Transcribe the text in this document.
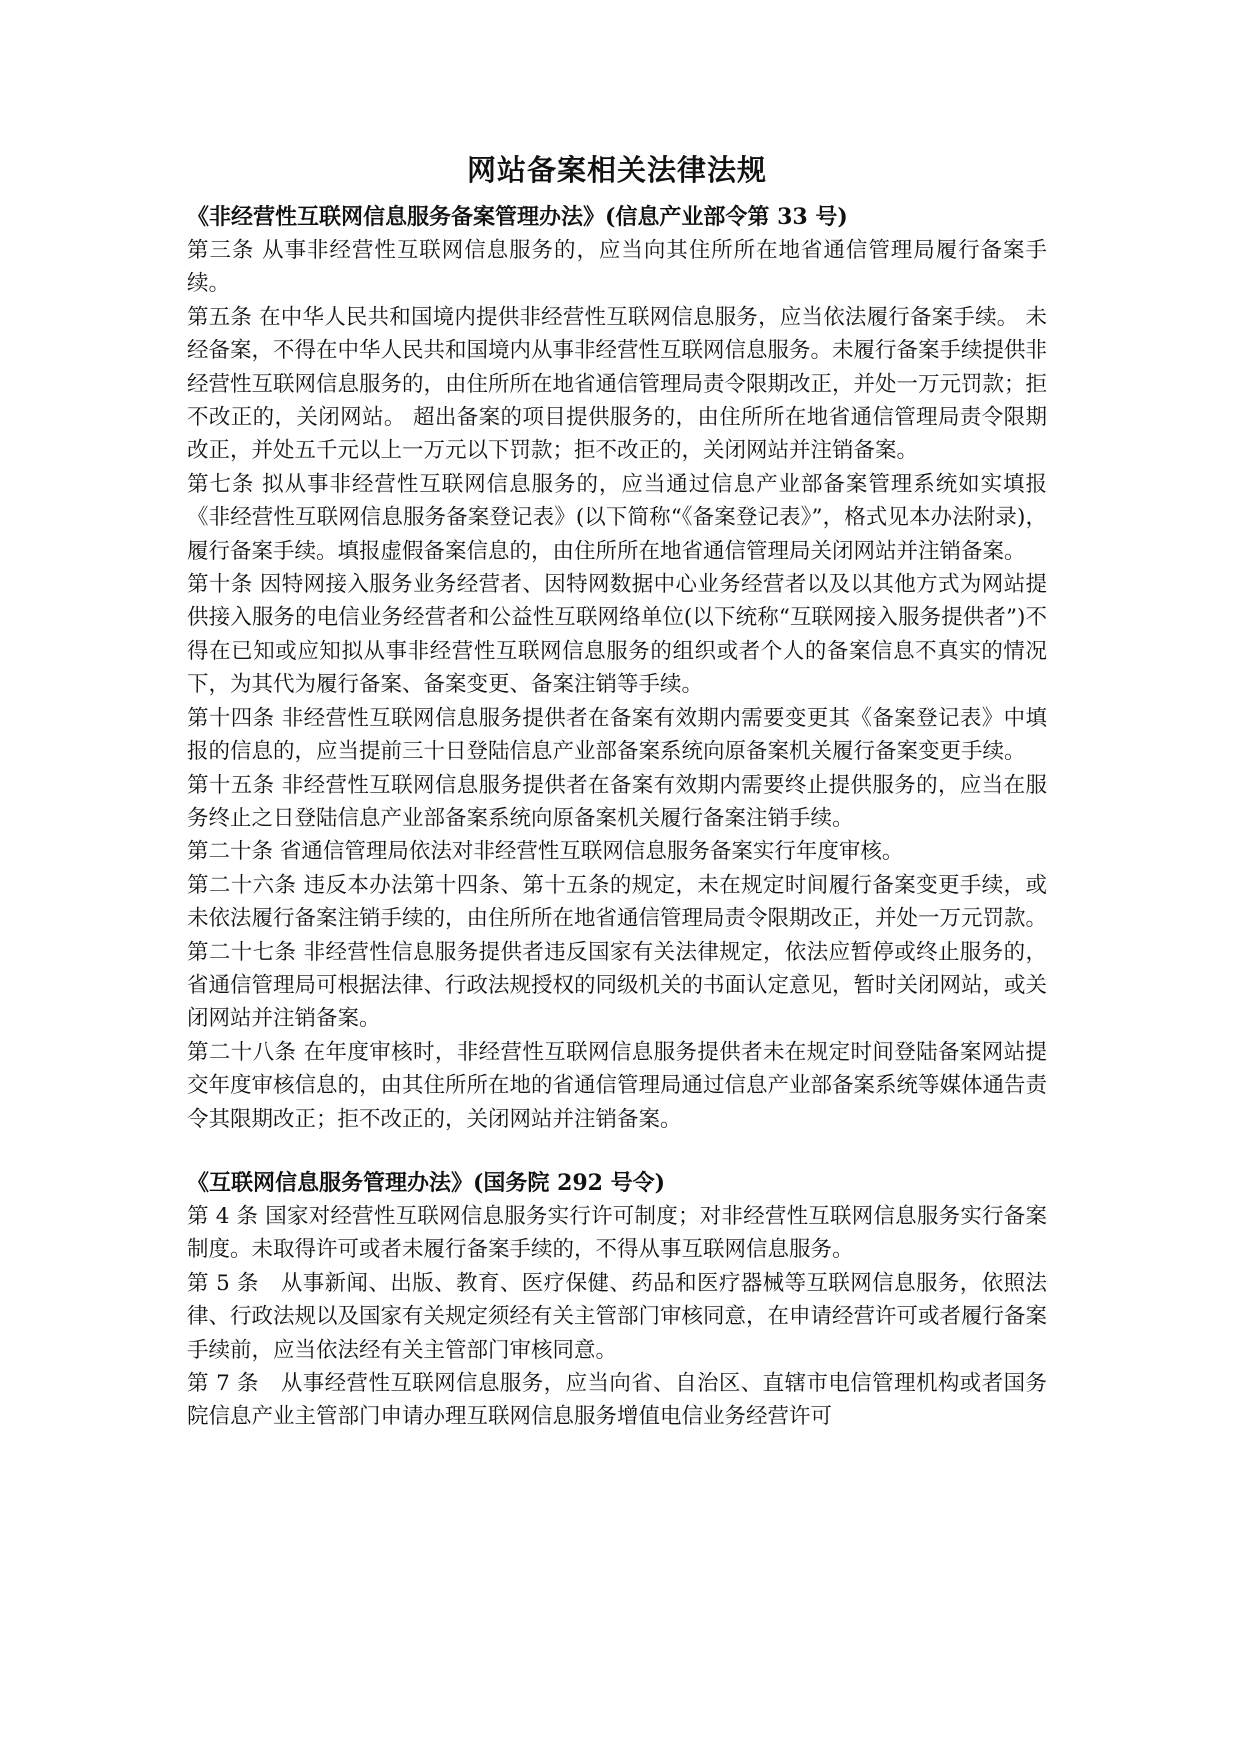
网站备案相关法律法规

《非经营性互联网信息服务备案管理办法》(信息产业部令第 33 号)

第三条 从事非经营性互联网信息服务的，应当向其住所所在地省通信管理局履行备案手续。

第五条 在中华人民共和国境内提供非经营性互联网信息服务，应当依法履行备案手续。 未经备案，不得在中华人民共和国境内从事非经营性互联网信息服务。未履行备案手续提供非经营性互联网信息服务的，由住所所在地省通信管理局责令限期改正，并处一万元罚款；拒不改正的，关闭网站。 超出备案的项目提供服务的，由住所所在地省通信管理局责令限期改正，并处五千元以上一万元以下罚款；拒不改正的，关闭网站并注销备案。

第七条 拟从事非经营性互联网信息服务的，应当通过信息产业部备案管理系统如实填报《非经营性互联网信息服务备案登记表》(以下简称“《备案登记表》”，格式见本办法附录)，履行备案手续。填报虚假备案信息的，由住所所在地省通信管理局关闭网站并注销备案。

第十条 因特网接入服务业务经营者、因特网数据中心业务经营者以及以其他方式为网站提供接入服务的电信业务经营者和公益性互联网络单位(以下统称“互联网接入服务提供者”)不得在已知或应知拟从事非经营性互联网信息服务的组织或者个人的备案信息不真实的情况下，为其代为履行备案、备案变更、备案注销等手续。

第十四条 非经营性互联网信息服务提供者在备案有效期内需要变更其《备案登记表》中填报的信息的，应当提前三十日登陆信息产业部备案系统向原备案机关履行备案变更手续。

第十五条 非经营性互联网信息服务提供者在备案有效期内需要终止提供服务的，应当在服务终止之日登陆信息产业部备案系统向原备案机关履行备案注销手续。

第二十条 省通信管理局依法对非经营性互联网信息服务备案实行年度审核。

第二十六条 违反本办法第十四条、第十五条的规定，未在规定时间履行备案变更手续，或未依法履行备案注销手续的，由住所所在地省通信管理局责令限期改正，并处一万元罚款。

第二十七条 非经营性信息服务提供者违反国家有关法律规定，依法应暂停或终止服务的，省通信管理局可根据法律、行政法规授权的同级机关的书面认定意见，暂时关闭网站，或关闭网站并注销备案。

第二十八条 在年度审核时，非经营性互联网信息服务提供者未在规定时间登陆备案网站提交年度审核信息的，由其住所所在地的省通信管理局通过信息产业部备案系统等媒体通告责令其限期改正；拒不改正的，关闭网站并注销备案。

《互联网信息服务管理办法》(国务院 292 号令)

第 4 条 国家对经营性互联网信息服务实行许可制度；对非经营性互联网信息服务实行备案制度。未取得许可或者未履行备案手续的，不得从事互联网信息服务。

第 5 条　从事新闻、出版、教育、医疗保健、药品和医疗器械等互联网信息服务，依照法律、行政法规以及国家有关规定须经有关主管部门审核同意，在申请经营许可或者履行备案手续前，应当依法经有关主管部门审核同意。

第 7 条　从事经营性互联网信息服务，应当向省、自治区、直辖市电信管理机构或者国务院信息产业主管部门申请办理互联网信息服务增值电信业务经营许可
